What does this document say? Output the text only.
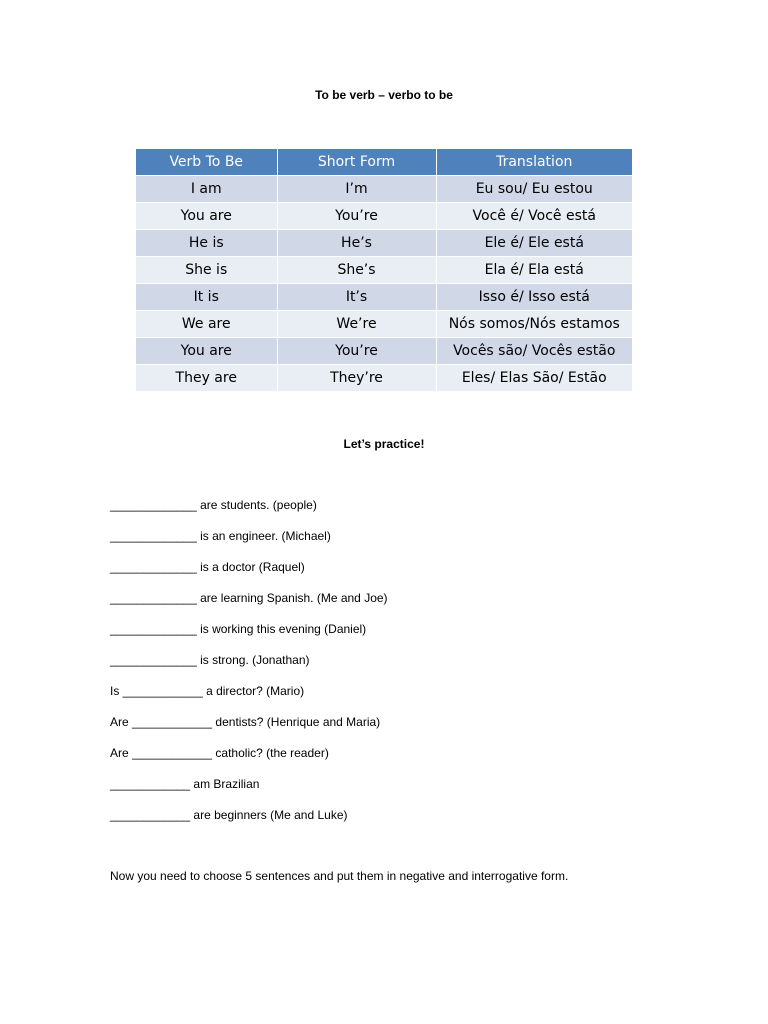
To be verb – verbo to be
Verb To Be	Short Form	Translation
I am	I’m	Eu sou/ Eu estou
You are	You’re	Você é/ Você está
He is	He’s	Ele é/ Ele está
She is	She’s	Ela é/ Ela está
It is	It’s	Isso é/ Isso está
We are	We’re	Nós somos/Nós estamos
You are	You’re	Vocês são/ Vocês estão
They are	They’re	Eles/ Elas São/ Estão
Let’s practice!
_____________ are students. (people)
_____________ is an engineer. (Michael)
_____________ is a doctor (Raquel)
_____________ are learning Spanish. (Me and Joe)
_____________ is working this evening (Daniel)
_____________ is strong. (Jonathan)
Is ____________ a director? (Mario)
Are ____________ dentists? (Henrique and Maria)
Are ____________ catholic? (the reader)
____________ am Brazilian
____________ are beginners (Me and Luke)
Now you need to choose 5 sentences and put them in negative and interrogative form.
